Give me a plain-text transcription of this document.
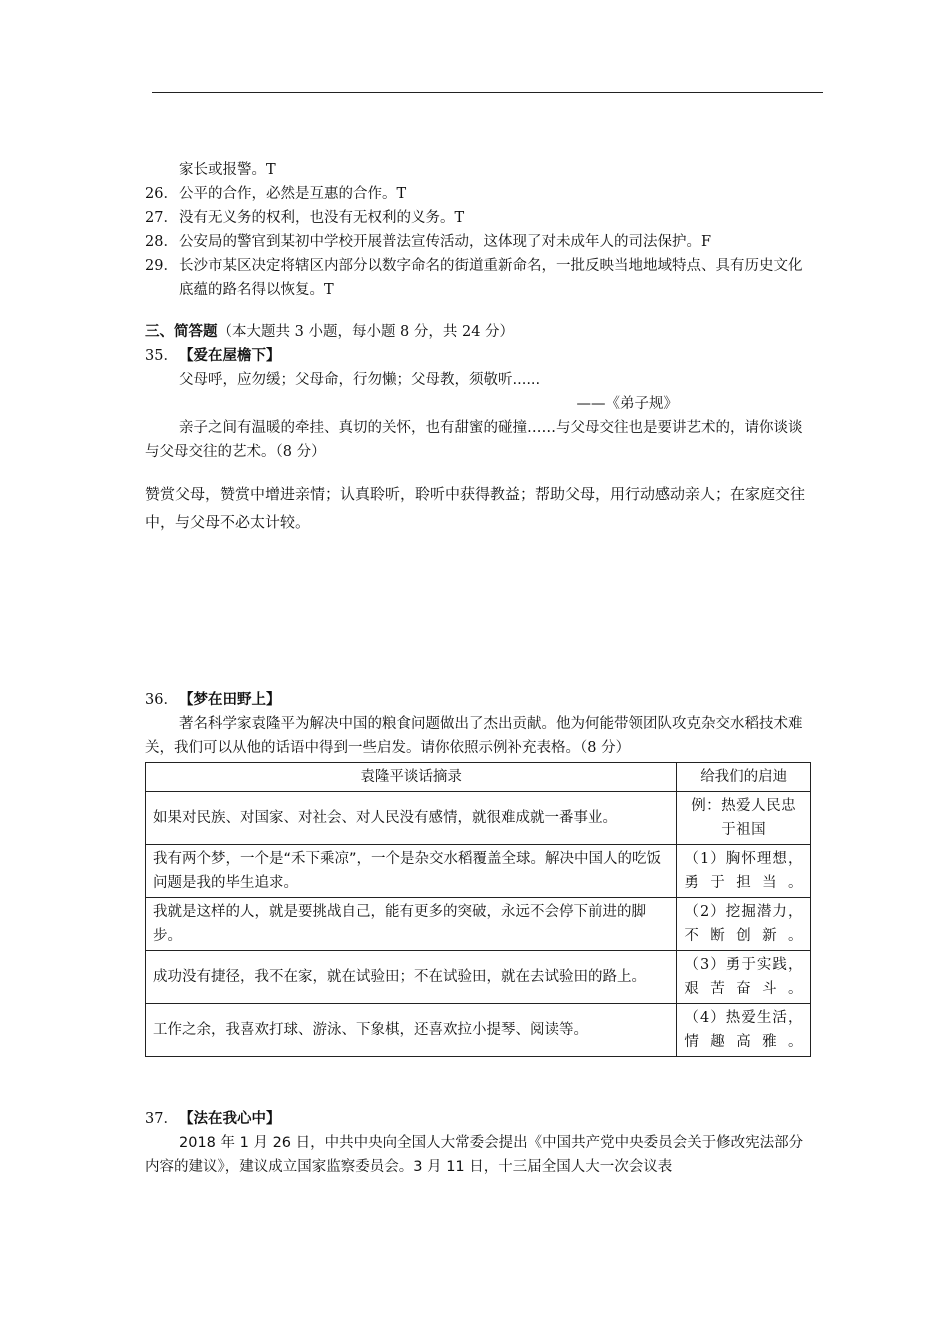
家长或报警。T
26． 公平的合作，必然是互惠的合作。T
27． 没有无义务的权利，也没有无权利的义务。T
28． 公安局的警官到某初中学校开展普法宣传活动，这体现了对未成年人的司法保护。F
29． 长沙市某区决定将辖区内部分以数字命名的街道重新命名，一批反映当地地域特点、具有历史文化底蕴的路名得以恢复。T
三、简答题（本大题共 3 小题，每小题 8 分，共 24 分）
35．【爱在屋檐下】
父母呼，应勿缓；父母命，行勿懒；父母教，须敬听......
——《弟子规》
亲子之间有温暖的牵挂、真切的关怀，也有甜蜜的碰撞……与父母交往也是要讲艺术的，请你谈谈与父母交往的艺术。（8 分）
赞赏父母，赞赏中增进亲情；认真聆听，聆听中获得教益；帮助父母，用行动感动亲人；在家庭交往中，与父母不必太计较。
36．【梦在田野上】
著名科学家袁隆平为解决中国的粮食问题做出了杰出贡献。他为何能带领团队攻克杂交水稻技术难关，我们可以从他的话语中得到一些启发。请你依照示例补充表格。（8 分）
袁隆平谈话摘录	给我们的启迪
如果对民族、对国家、对社会、对人民没有感情，就很难成就一番事业。	例：热爱人民忠于祖国
我有两个梦，一个是“禾下乘凉”，一个是杂交水稻覆盖全球。解决中国人的吃饭问题是我的毕生追求。	（1）胸怀理想，勇于担当。
我就是这样的人，就是要挑战自己，能有更多的突破，永远不会停下前进的脚步。	（2）挖掘潜力，不断创新。
成功没有捷径，我不在家，就在试验田；不在试验田，就在去试验田的路上。	（3）勇于实践，艰苦奋斗。
工作之余，我喜欢打球、游泳、下象棋，还喜欢拉小提琴、阅读等。	（4）热爱生活，情趣高雅。
37．【法在我心中】
2018 年 1 月 26 日，中共中央向全国人大常委会提出《中国共产党中央委员会关于修改宪法部分内容的建议》，建议成立国家监察委员会。3 月 11 日，十三届全国人大一次会议表
